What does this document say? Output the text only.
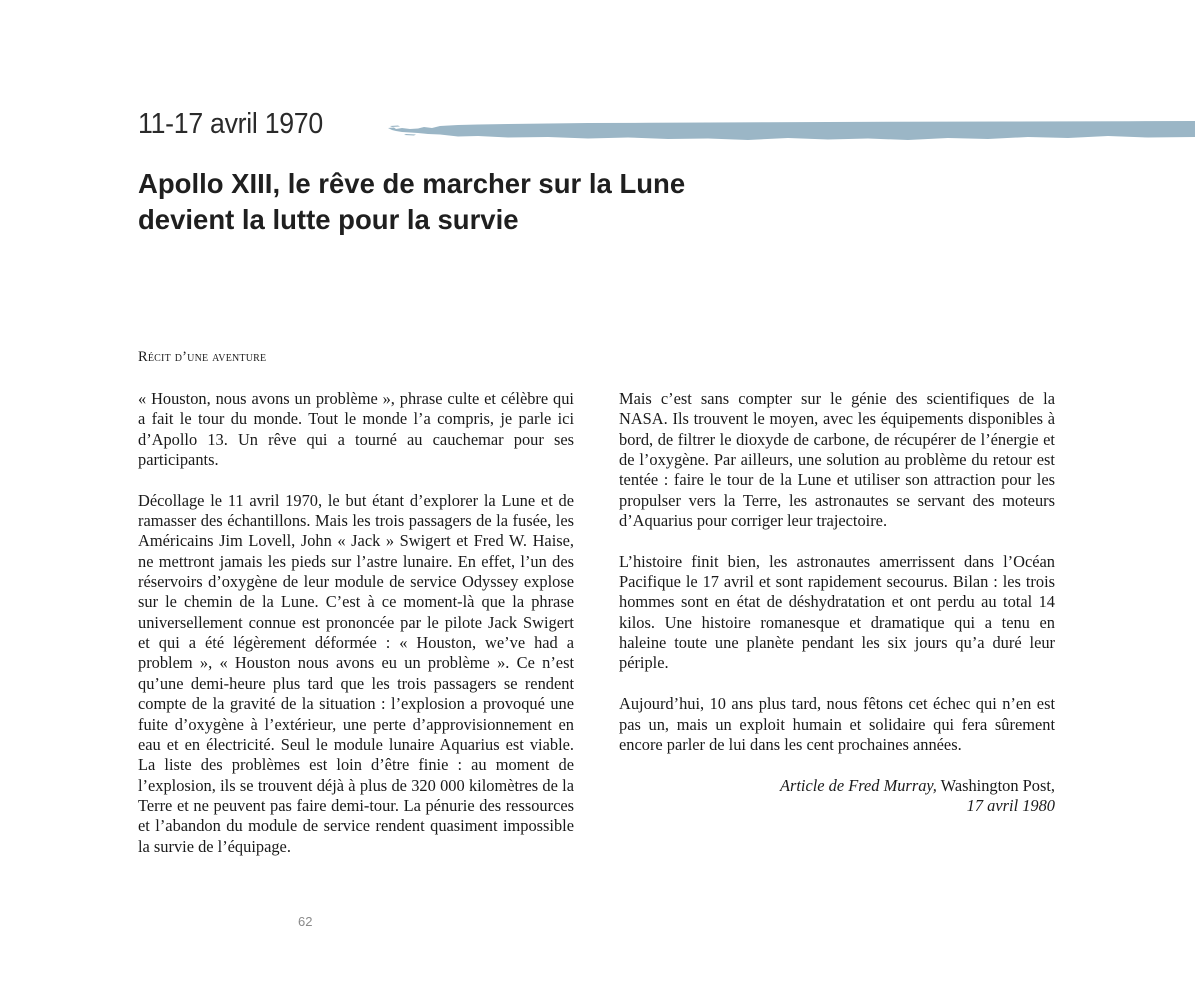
11-17 avril 1970
Apollo XIII, le rêve de marcher sur la Lune
devient la lutte pour la survie
Récit d’une aventure

« Houston, nous avons un problème », phrase culte et célèbre qui a fait le tour du monde. Tout le monde l’a compris, je parle ici d’Apollo 13. Un rêve qui a tourné au cauchemar pour ses participants.

Décollage le 11 avril 1970, le but étant d’explorer la Lune et de ramasser des échantillons. Mais les trois passagers de la fusée, les Américains Jim Lovell, John « Jack » Swigert et Fred W. Haise, ne mettront jamais les pieds sur l’astre lunaire. En effet, l’un des réservoirs d’oxygène de leur module de service Odyssey explose sur le chemin de la Lune. C’est à ce moment-là que la phrase universellement connue est prononcée par le pilote Jack Swigert et qui a été légèrement déformée : « Houston, we’ve had a problem », « Houston nous avons eu un problème ». Ce n’est qu’une demi-heure plus tard que les trois passagers se rendent compte de la gravité de la situation : l’explosion a provoqué une fuite d’oxygène à l’extérieur, une perte d’approvisionnement en eau et en électricité. Seul le module lunaire Aquarius est viable. La liste des problèmes est loin d’être finie : au moment de l’explosion, ils se trouvent déjà à plus de 320 000 kilomètres de la Terre et ne peuvent pas faire demi-tour. La pénurie des ressources et l’abandon du module de service rendent quasiment impossible la survie de l’équipage.

Mais c’est sans compter sur le génie des scientifiques de la NASA. Ils trouvent le moyen, avec les équipements disponibles à bord, de filtrer le dioxyde de carbone, de récupérer de l’énergie et de l’oxygène. Par ailleurs, une solution au problème du retour est tentée : faire le tour de la Lune et utiliser son attraction pour les propulser vers la Terre, les astronautes se servant des moteurs d’Aquarius pour corriger leur trajectoire.

L’histoire finit bien, les astronautes amerrissent dans l’Océan Pacifique le 17 avril et sont rapidement secourus. Bilan : les trois hommes sont en état de déshydratation et ont perdu au total 14 kilos. Une histoire romanesque et dramatique qui a tenu en haleine toute une planète pendant les six jours qu’a duré leur périple.

Aujourd’hui, 10 ans plus tard, nous fêtons cet échec qui n’en est pas un, mais un exploit humain et solidaire qui fera sûrement encore parler de lui dans les cent prochaines années.

Article de Fred Murray, Washington Post,
17 avril 1980

62
